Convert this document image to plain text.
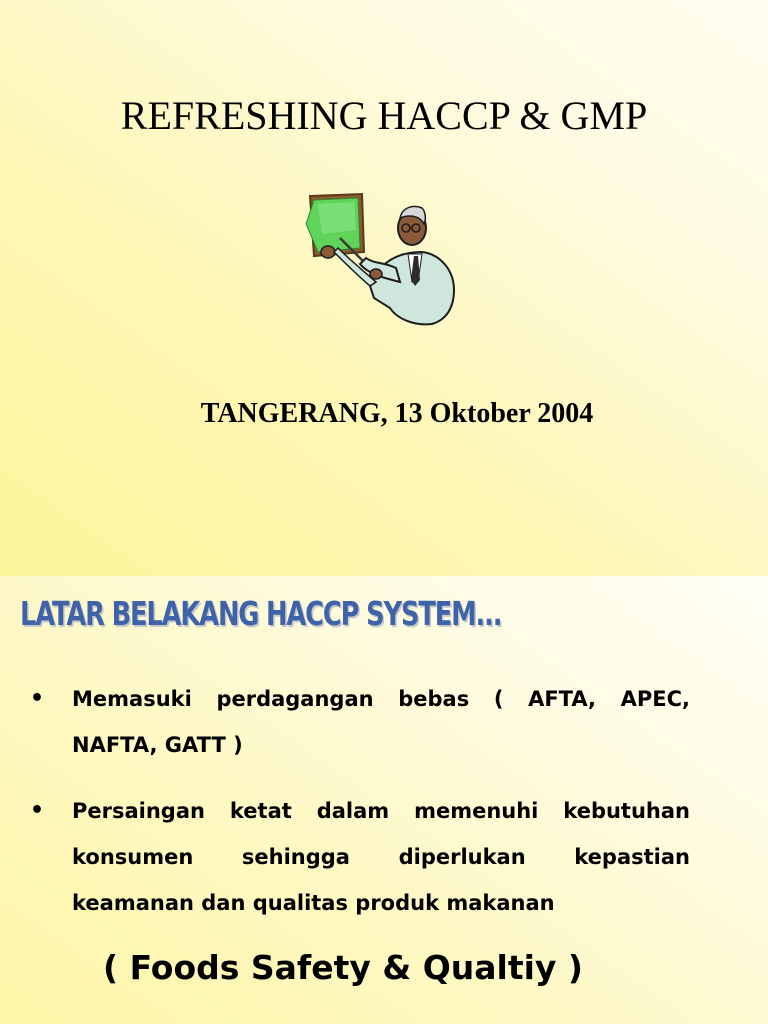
REFRESHING HACCP & GMP
TANGERANG, 13 Oktober 2004
LATAR BELAKANG HACCP SYSTEM...
• Memasuki perdagangan bebas ( AFTA, APEC, NAFTA, GATT )
• Persaingan ketat dalam memenuhi kebutuhan konsumen sehingga diperlukan kepastian keamanan dan qualitas produk makanan
( Foods Safety & Qualtiy )
